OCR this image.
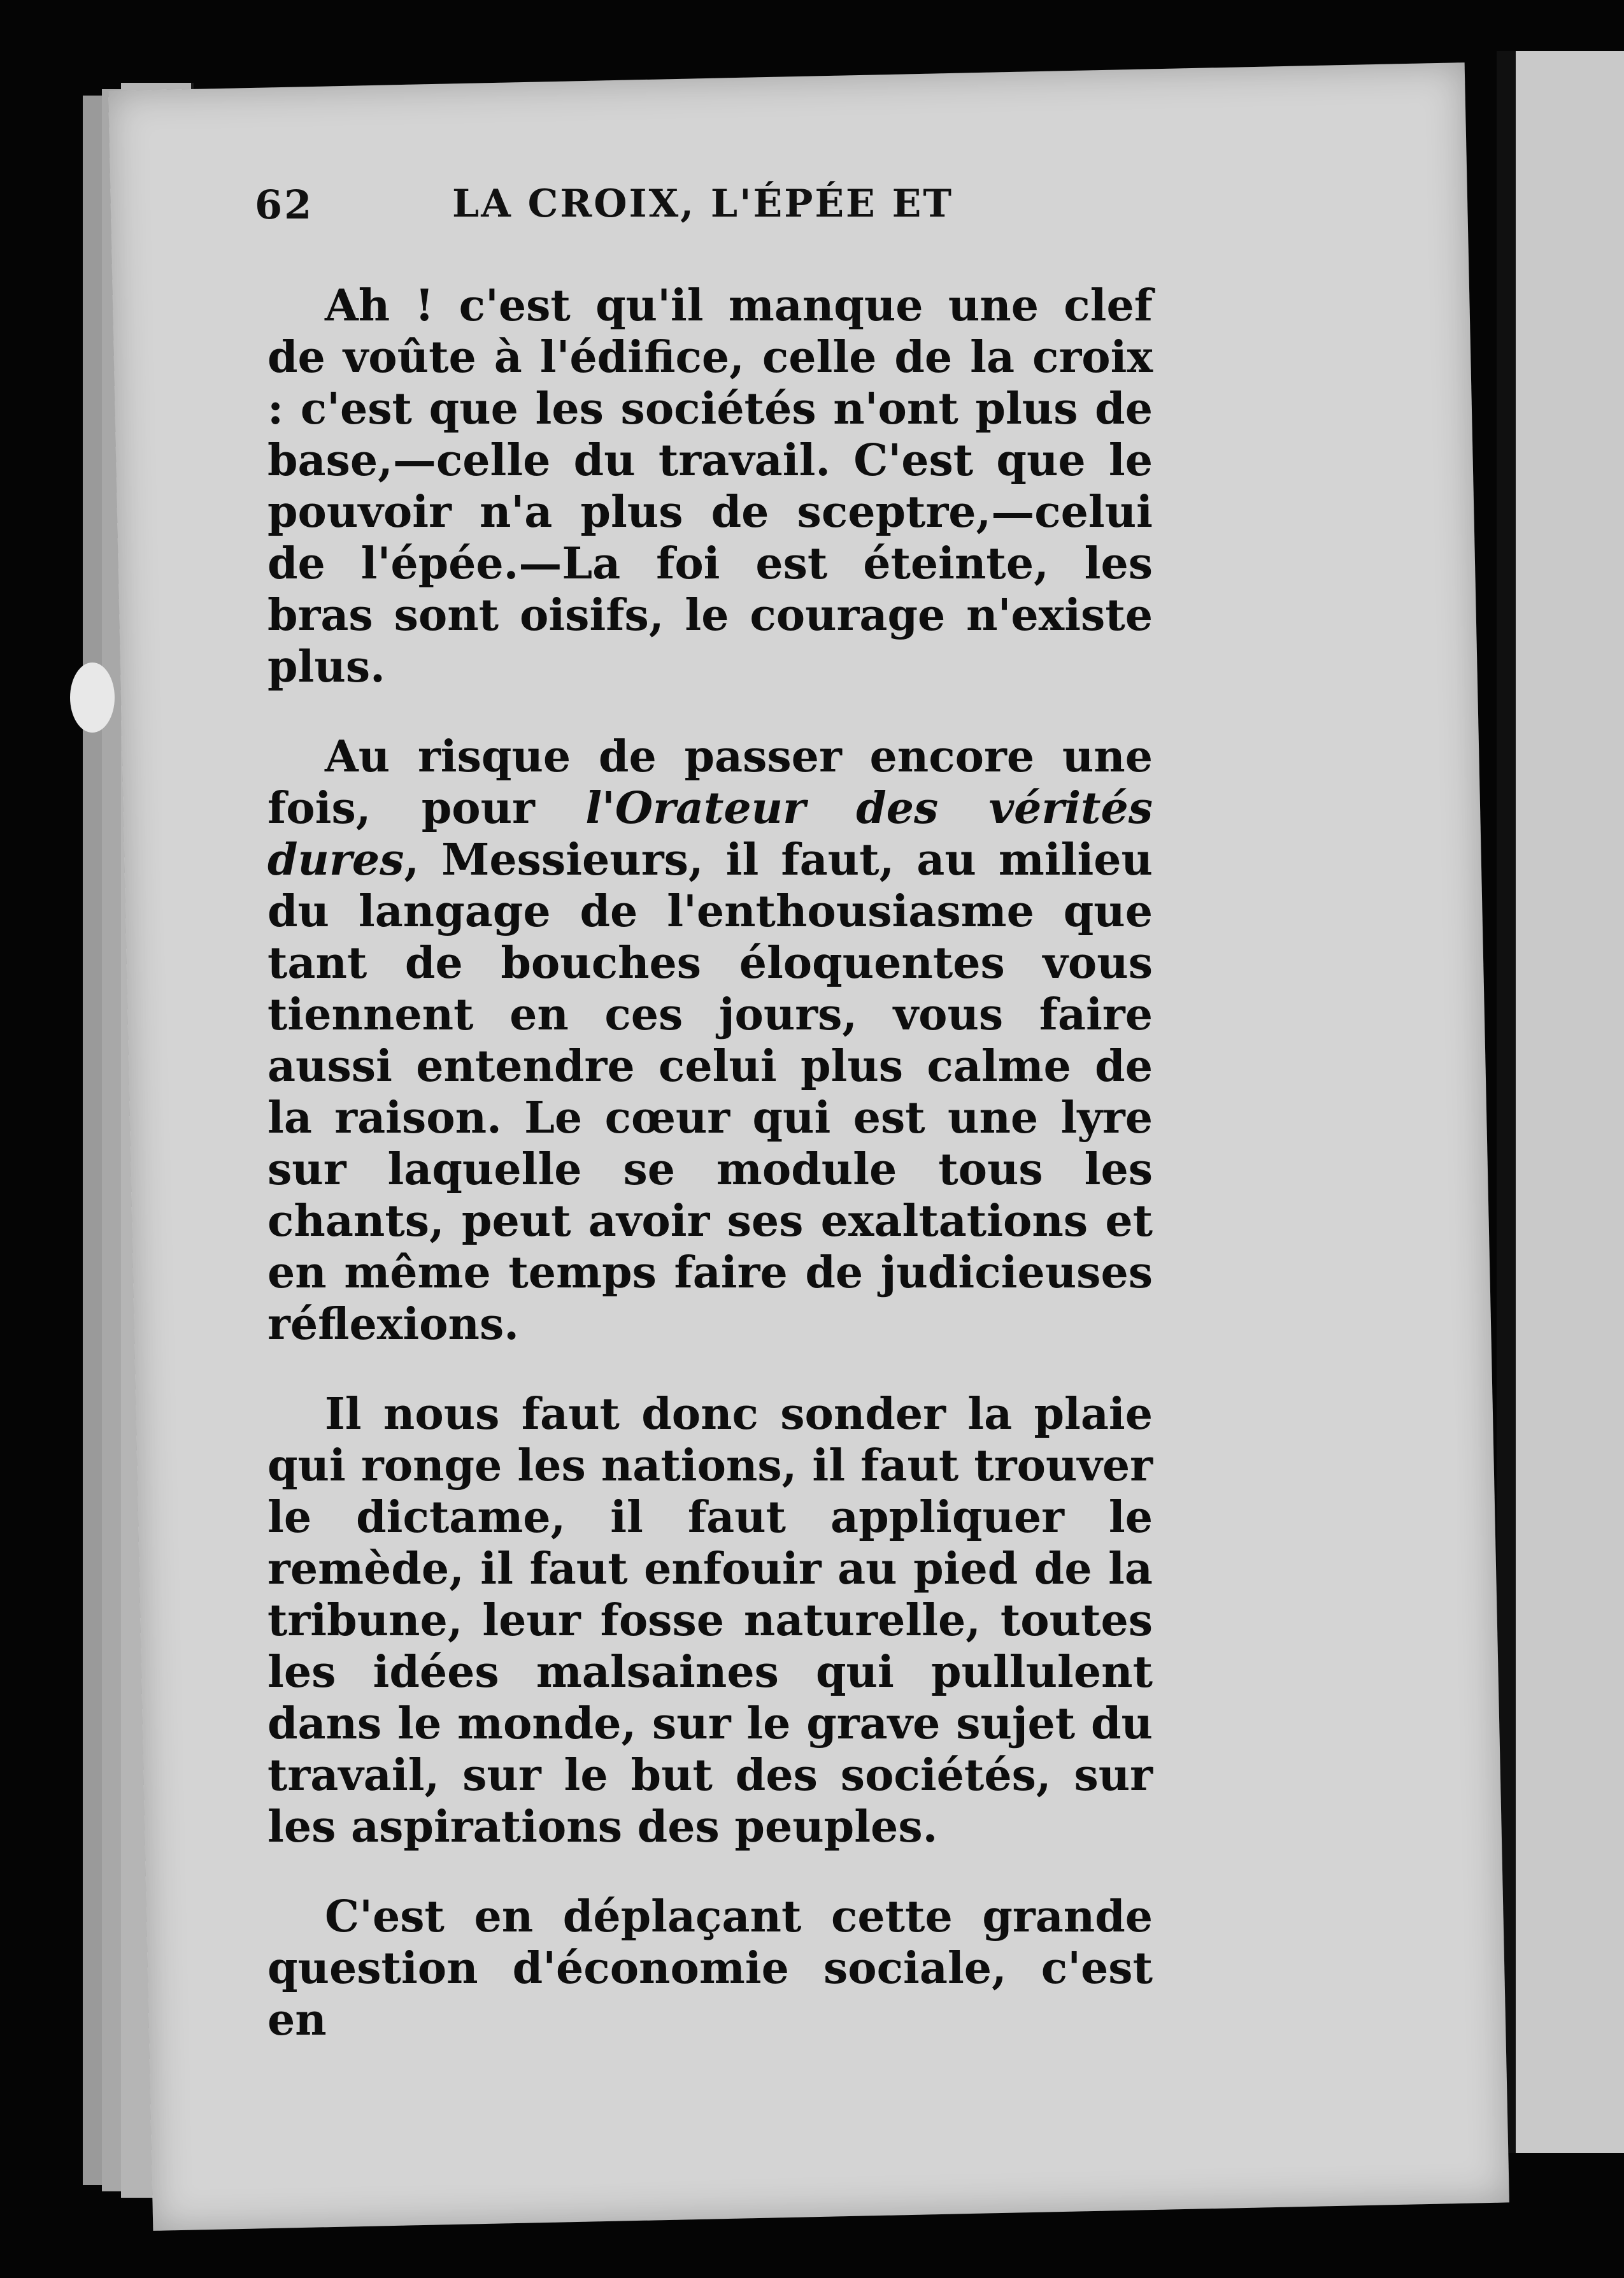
62	LA CROIX, L'ÉPÉE ET

Ah ! c'est qu'il manque une clef de voûte à l'édifice, celle de la croix : c'est que les sociétés n'ont plus de base,—celle du travail. C'est que le pouvoir n'a plus de sceptre,—celui de l'épée.—La foi est éteinte, les bras sont oisifs, le courage n'existe plus.

Au risque de passer encore une fois, pour l'Orateur des vérités dures, Messieurs, il faut, au milieu du langage de l'enthousiasme que tant de bouches éloquentes vous tiennent en ces jours, vous faire aussi entendre celui plus calme de la raison. Le cœur qui est une lyre sur laquelle se module tous les chants, peut avoir ses exaltations et en même temps faire de judicieuses réflexions.

Il nous faut donc sonder la plaie qui ronge les nations, il faut trouver le dictame, il faut appliquer le remède, il faut enfouir au pied de la tribune, leur fosse naturelle, toutes les idées malsaines qui pullulent dans le monde, sur le grave sujet du travail, sur le but des sociétés, sur les aspirations des peuples.

C'est en déplaçant cette grande question d'économie sociale, c'est en
